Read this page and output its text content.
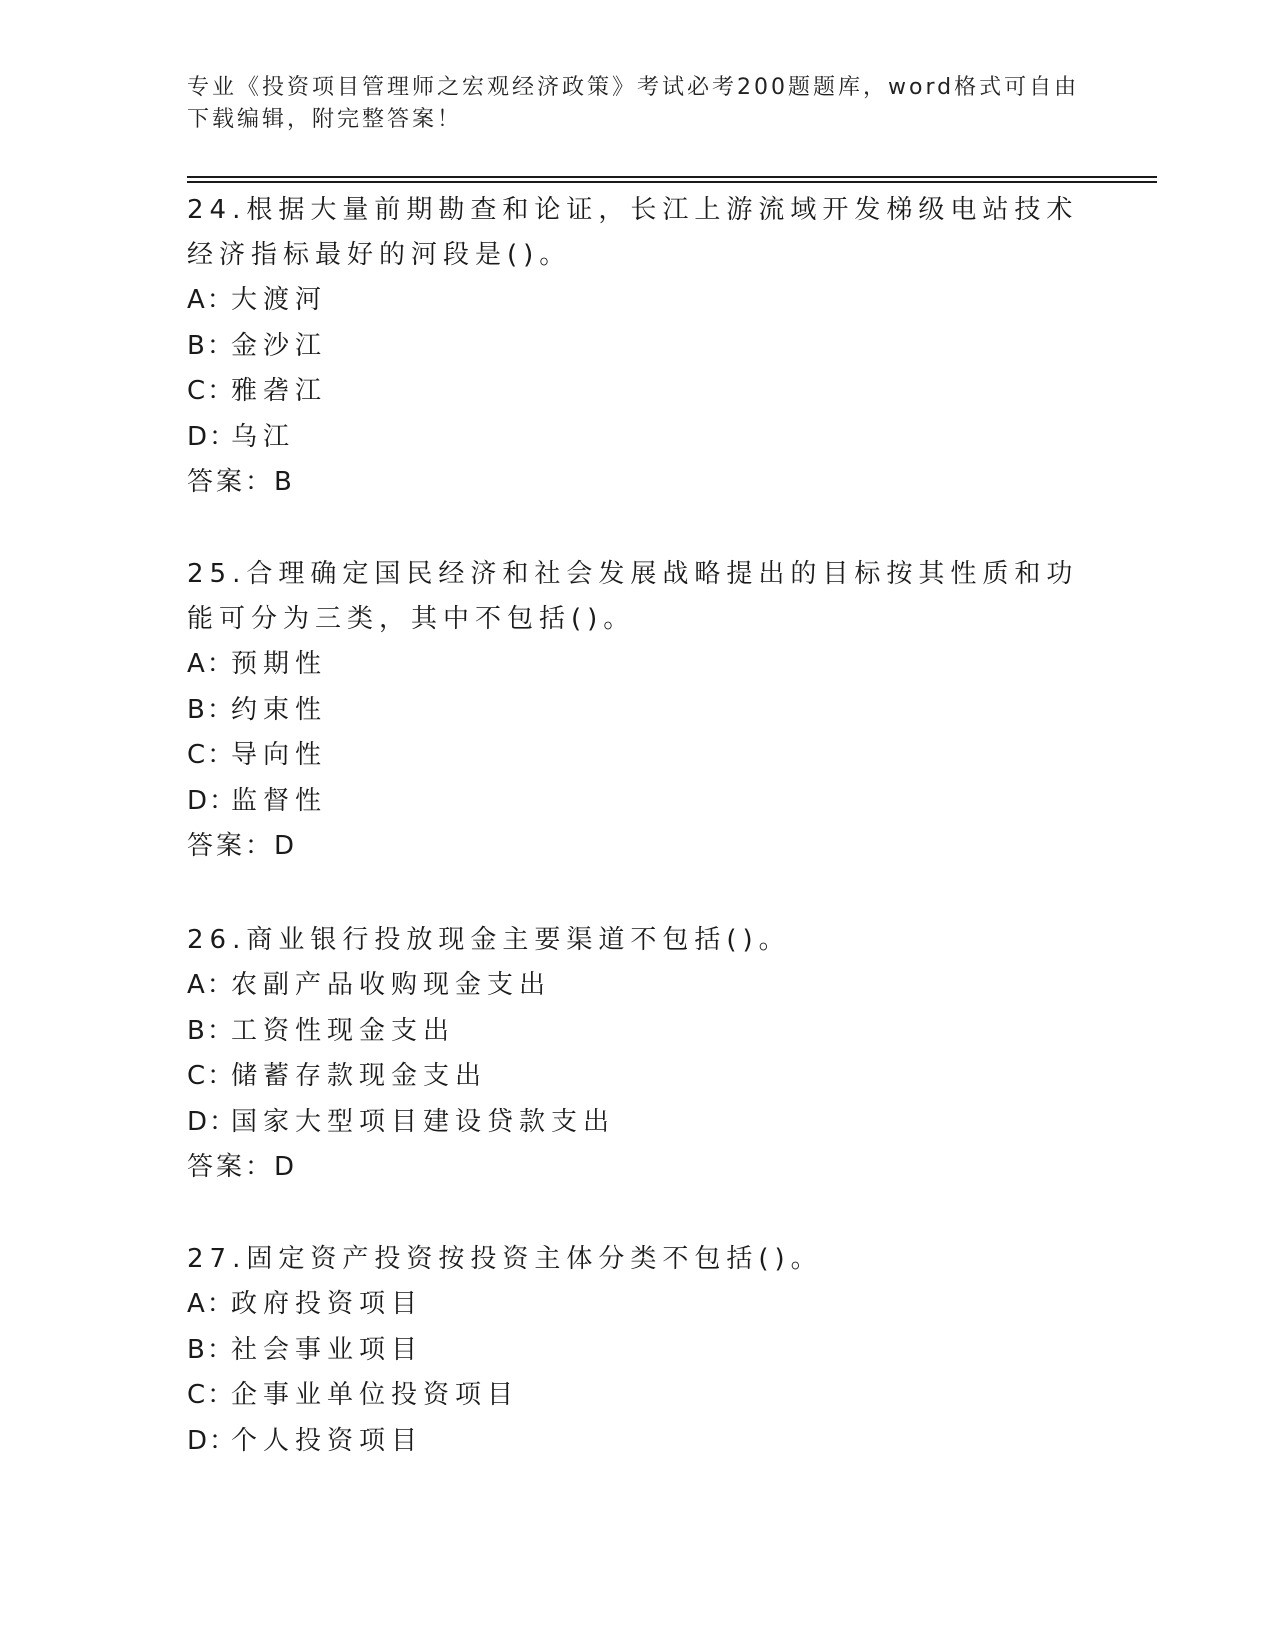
专业《投资项目管理师之宏观经济政策》考试必考200题题库，word格式可自由下载编辑，附完整答案！

24.根据大量前期勘查和论证，长江上游流域开发梯级电站技术经济指标最好的河段是()。

A：大渡河
B：金沙江
C：雅砻江
D：乌江
答案：B

25.合理确定国民经济和社会发展战略提出的目标按其性质和功能可分为三类，其中不包括()。

A：预期性
B：约束性
C：导向性
D：监督性
答案：D

26.商业银行投放现金主要渠道不包括()。

A：农副产品收购现金支出
B：工资性现金支出
C：储蓄存款现金支出
D：国家大型项目建设贷款支出
答案：D

27.固定资产投资按投资主体分类不包括()。

A：政府投资项目
B：社会事业项目
C：企事业单位投资项目
D：个人投资项目
